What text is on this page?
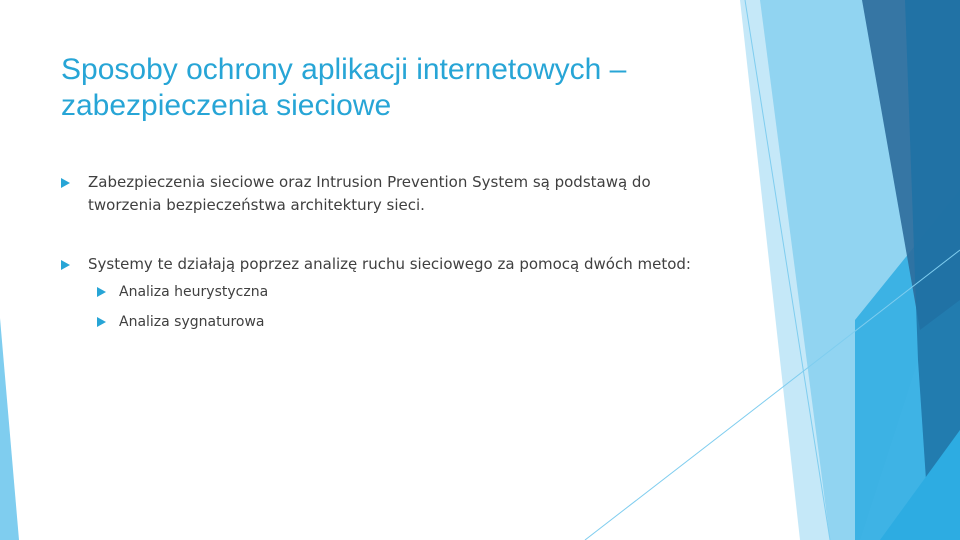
Sposoby ochrony aplikacji internetowych – zabezpieczenia sieciowe
Zabezpieczenia sieciowe oraz Intrusion Prevention System są podstawą do tworzenia bezpieczeństwa architektury sieci.
Systemy te działają poprzez analizę ruchu sieciowego za pomocą dwóch metod:
Analiza heurystyczna
Analiza sygnaturowa
